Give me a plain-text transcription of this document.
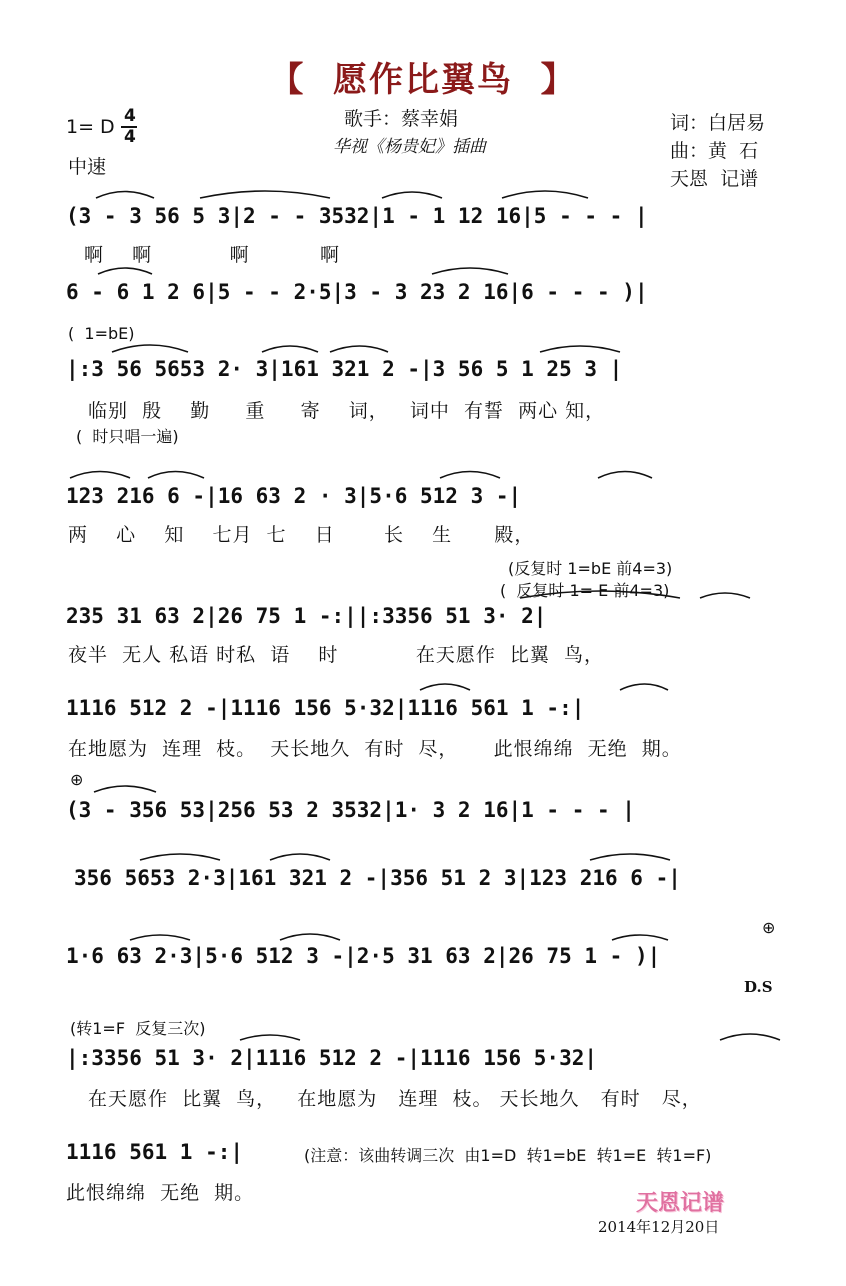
【  愿作比翼鸟  】
1= D 4
4
中速
歌手：蔡幸娟
华视《杨贵妃》插曲
词：白居易
曲：黄  石
天恩  记谱
(3 - 3 56 5 3|2 - - 3532|1 - 1 12 16|5 - - - |
啊    啊           啊          啊
6 - 6 1 2 6|5 - - 2·5|3 - 3 23 2 16|6 - - - )|
(  1=bE)
|:3 56 5653 2· 3|161 321 2 -|3 56 5 1 25 3 |
临别  殷    勤     重     寄    词，   词中  有誓  两心 知，
(  时只唱一遍)
123 216 6 -|16 63 2 · 3|5·6 512 3 -|
两    心    知    七月  七    日       长    生      殿，
(反复时 1=bE 前4=3)
(  反复时 1= E 前4=3)
235 31 63 2|26 75 1 -:||:3356 51 3· 2|
夜半  无人 私语 时私  语    时           在天愿作  比翼  鸟，
1116 512 2 -|1116 156 5·32|1116 561 1 -:|
在地愿为  连理  枝。  天长地久  有时  尽，     此恨绵绵  无绝  期。
⊕
(3 - 356 53|256 53 2 3532|1· 3 2 16|1 - - - |
356 5653 2·3|161 321 2 -|356 51 2 3|123 216 6 -|
⊕
1·6 63 2·3|5·6 512 3 -|2·5 31 63 2|26 75 1 - )|
D.S
(转1=F  反复三次)
|:3356 51 3· 2|1116 512 2 -|1116 156 5·32|
在天愿作  比翼  鸟，   在地愿为   连理  枝。 天长地久   有时   尽，
1116 561 1 -:|	(注意：该曲转调三次  由1=D  转1=bE  转1=E  转1=F)
此恨绵绵  无绝  期。	天恩记谱
2014年12月20日
